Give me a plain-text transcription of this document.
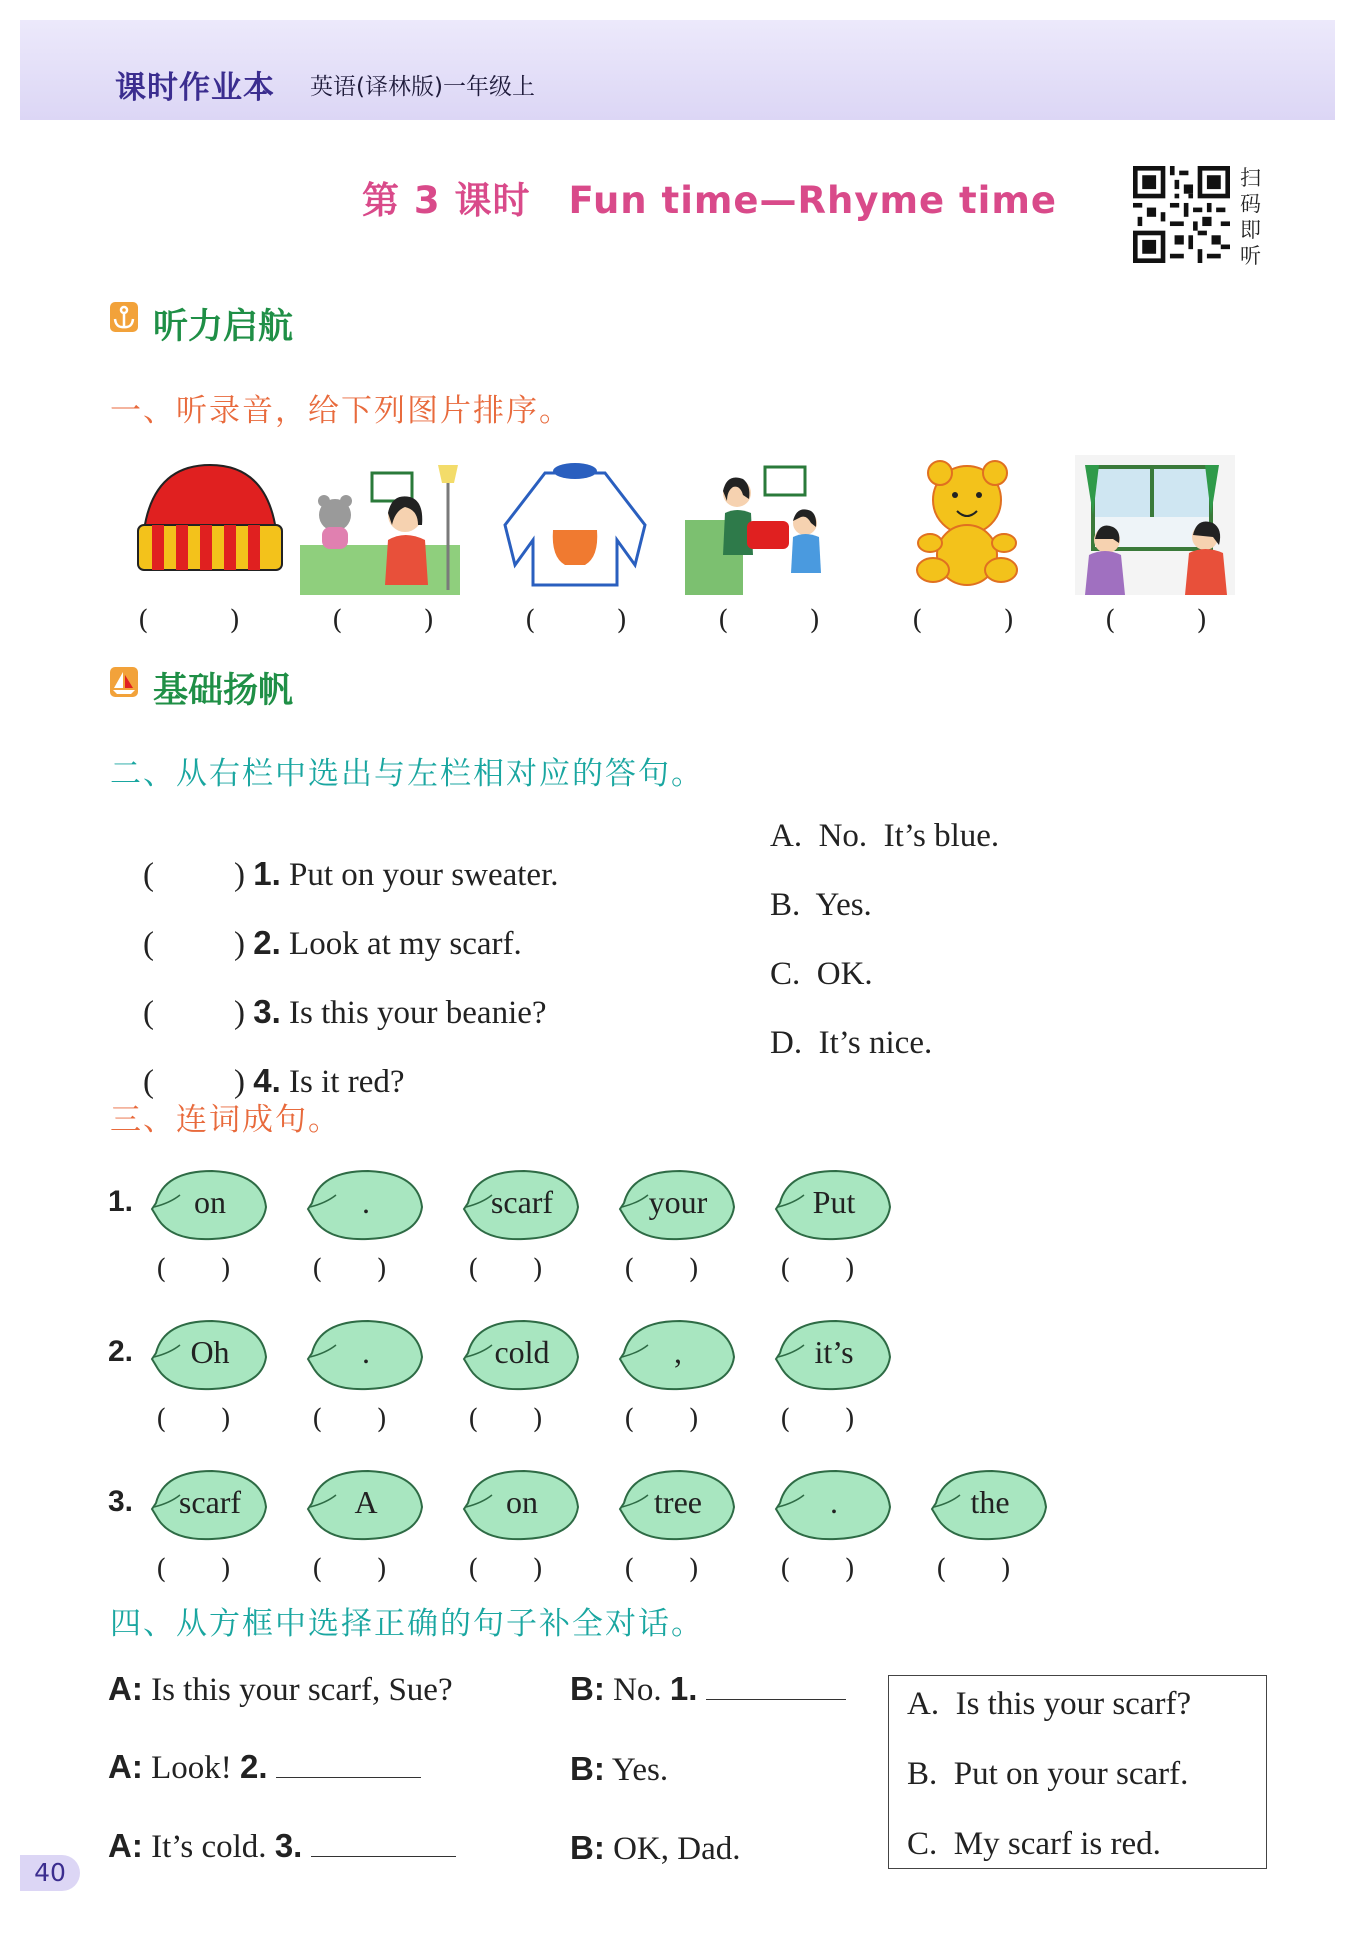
课时作业本 英语(译林版)一年级上
第 3 课时　Fun time—Rhyme time
扫码即听
听力启航
一、听录音，给下列图片排序。
(　　　)	(　　　)	(　　　)	(　　　)	(　　　)	(　　　)
基础扬帆
二、从右栏中选出与左栏相对应的答句。

( ) 1. Put on your sweater.

( ) 2. Look at my scarf.

( ) 3. Is this your beanie?

( ) 4. Is it red?

A.  No.  It’s blue.
B.  Yes.
C.  OK.
D.  It’s nice.
三、连词成句。
1.	on
(　　)
.
(　　)
scarf
(　　)
your
(　　)
Put
(　　)
2.	Oh
(　　)
.
(　　)
cold
(　　)
,
(　　)
it’s
(　　)
3.	scarf
(　　)
A
(　　)
on
(　　)
tree
(　　)
.
(　　)
the
(　　)
四、从方框中选择正确的句子补全对话。
A: Is this your scarf, Sue?	B: No. 1.
A: Look! 2.	B: Yes.
A: It’s cold. 3.	B: OK, Dad.
A.  Is this your scarf?
B.  Put on your scarf.
C.  My scarf is red.
40
